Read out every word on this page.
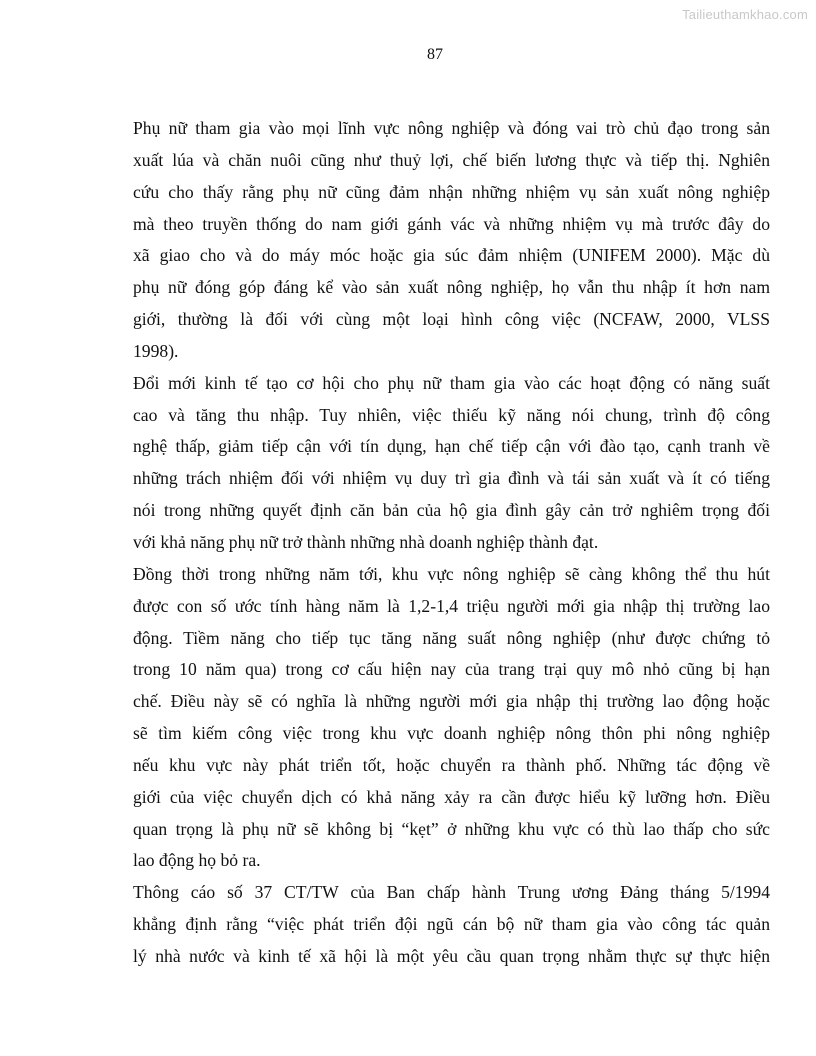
Tailieuthamkhao.com
87
Phụ nữ tham gia vào mọi lĩnh vực nông nghiệp và đóng vai trò chủ đạo trong sản
xuất lúa và chăn nuôi cũng như thuỷ lợi, chế biến lương thực và tiếp thị. Nghiên
cứu cho thấy rằng phụ nữ cũng đảm nhận những nhiệm vụ sản xuất nông nghiệp
mà theo truyền thống do nam giới gánh vác và những nhiệm vụ mà trước đây do
xã giao cho và do máy móc hoặc gia súc đảm nhiệm (UNIFEM 2000). Mặc dù
phụ nữ đóng góp đáng kể vào sản xuất nông nghiệp, họ vẫn thu nhập ít hơn nam
giới, thường là đối với cùng một loại hình công việc (NCFAW, 2000, VLSS
1998).
Đổi mới kinh tế tạo cơ hội cho phụ nữ tham gia vào các hoạt động có năng suất
cao và tăng thu nhập. Tuy nhiên, việc thiếu kỹ năng nói chung, trình độ công
nghệ thấp, giảm tiếp cận với tín dụng, hạn chế tiếp cận với đào tạo, cạnh tranh về
những trách nhiệm đối với nhiệm vụ duy trì gia đình và tái sản xuất và ít có tiếng
nói trong những quyết định căn bản của hộ gia đình gây cản trở nghiêm trọng đối
với khả năng phụ nữ trở thành những nhà doanh nghiệp thành đạt.
Đồng thời trong những năm tới, khu vực nông nghiệp sẽ càng không thể thu hút
được con số ước tính hàng năm là 1,2-1,4 triệu người mới gia nhập thị trường lao
động. Tiềm năng cho tiếp tục tăng năng suất nông nghiệp (như được chứng tỏ
trong 10 năm qua) trong cơ cấu hiện nay của trang trại quy mô nhỏ cũng bị hạn
chế. Điều này sẽ có nghĩa là những người mới gia nhập thị trường lao động hoặc
sẽ tìm kiếm công việc trong khu vực doanh nghiệp nông thôn phi nông nghiệp
nếu khu vực này phát triển tốt, hoặc chuyển ra thành phố. Những tác động về
giới của việc chuyển dịch có khả năng xảy ra cần được hiểu kỹ lưỡng hơn. Điều
quan trọng là phụ nữ sẽ không bị “kẹt” ở những khu vực có thù lao thấp cho sức
lao động họ bỏ ra.
Thông cáo số 37 CT/TW của Ban chấp hành Trung ương Đảng tháng 5/1994
khẳng định rằng “việc phát triển đội ngũ cán bộ nữ tham gia vào công tác quản
lý nhà nước và kinh tế xã hội là một yêu cầu quan trọng nhằm thực sự thực hiện
